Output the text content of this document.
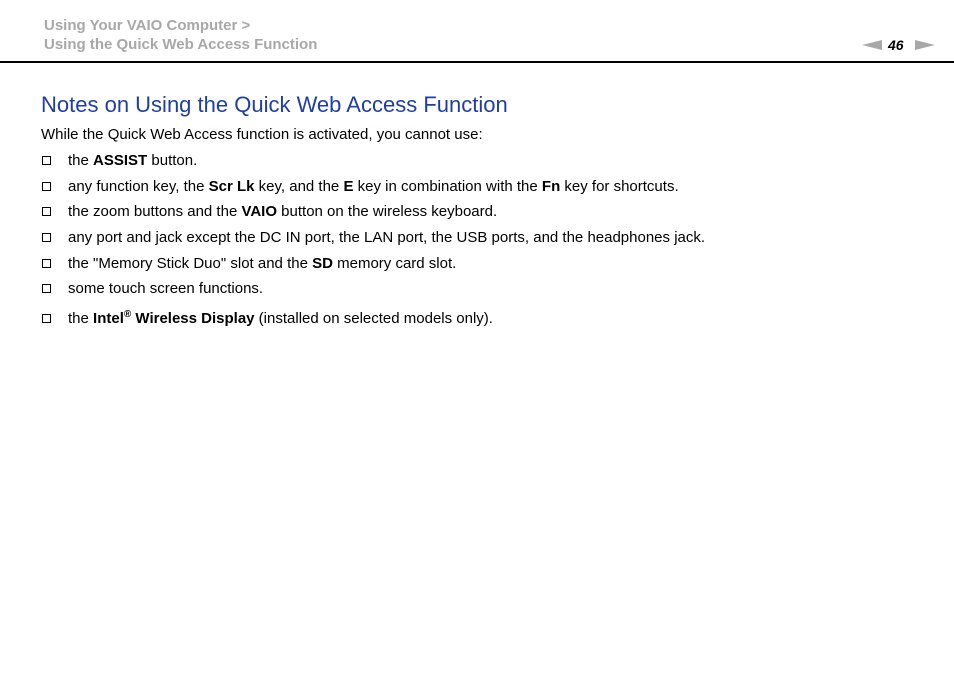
Using Your VAIO Computer >
Using the Quick Web Access Function	46
Notes on Using the Quick Web Access Function

While the Quick Web Access function is activated, you cannot use:

the ASSIST button.
any function key, the Scr Lk key, and the E key in combination with the Fn key for shortcuts.
the zoom buttons and the VAIO button on the wireless keyboard.
any port and jack except the DC IN port, the LAN port, the USB ports, and the headphones jack.
the "Memory Stick Duo" slot and the SD memory card slot.
some touch screen functions.
the Intel® Wireless Display (installed on selected models only).
